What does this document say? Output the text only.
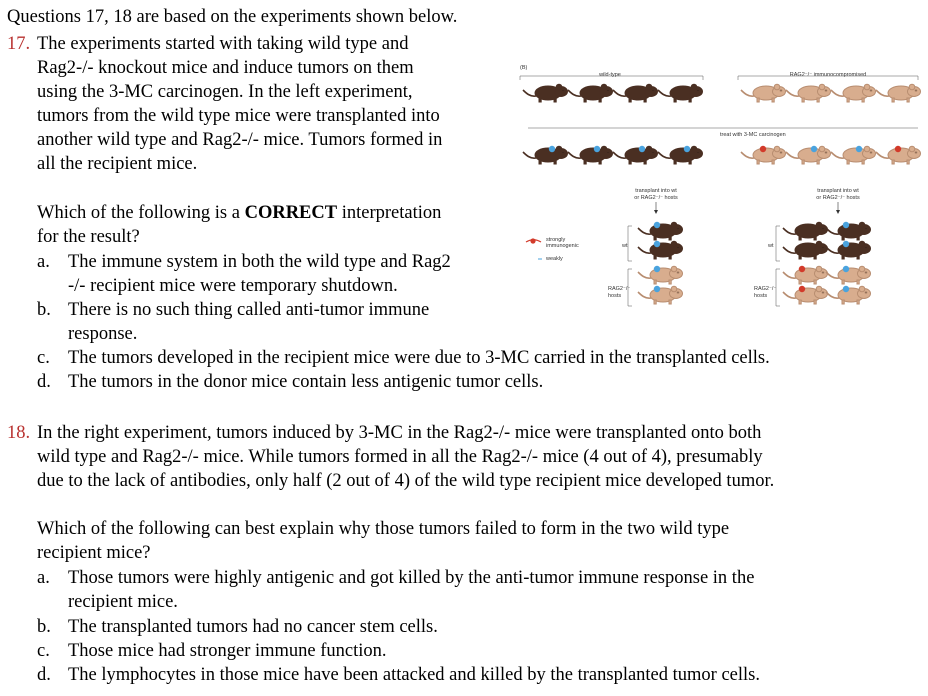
Questions 17, 18 are based on the experiments shown below.
17. The experiments started with taking wild type and
Rag2-/- knockout mice and induce tumors on them
using the 3-MC carcinogen. In the left experiment,
tumors from the wild type mice were transplanted into
another wild type and Rag2-/- mice. Tumors formed in
all the recipient mice.
Which of the following is a CORRECT interpretation
for the result?
a. The immune system in both the wild type and Rag2
-/- recipient mice were temporary shutdown.
b. There is no such thing called anti-tumor immune
response.
c. The tumors developed in the recipient mice were due to 3-MC carried in the transplanted cells.
d. The tumors in the donor mice contain less antigenic tumor cells.
18. In the right experiment, tumors induced by 3-MC in the Rag2-/- mice were transplanted onto both
wild type and Rag2-/- mice. While tumors formed in all the Rag2-/- mice (4 out of 4), presumably
due to the lack of antibodies, only half (2 out of 4) of the wild type recipient mice developed tumor.
Which of the following can best explain why those tumors failed to form in the two wild type
recipient mice?
a. Those tumors were highly antigenic and got killed by the anti-tumor immune response in the
recipient mice.
b. The transplanted tumors had no cancer stem cells.
c. Those mice had stronger immune function.
d. The lymphocytes in those mice have been attacked and killed by the transplanted tumor cells.
(B)
wild-type	RAG2⁻/⁻ immunocompromised
treat with 3-MC carcinogen
transplant into wt
or RAG2⁻/⁻ hosts
transplant into wt
or RAG2⁻/⁻ hosts
strongly
immunogenic
weakly
wt
RAG2⁻/⁻
hosts
wt
RAG2⁻/⁻
hosts
